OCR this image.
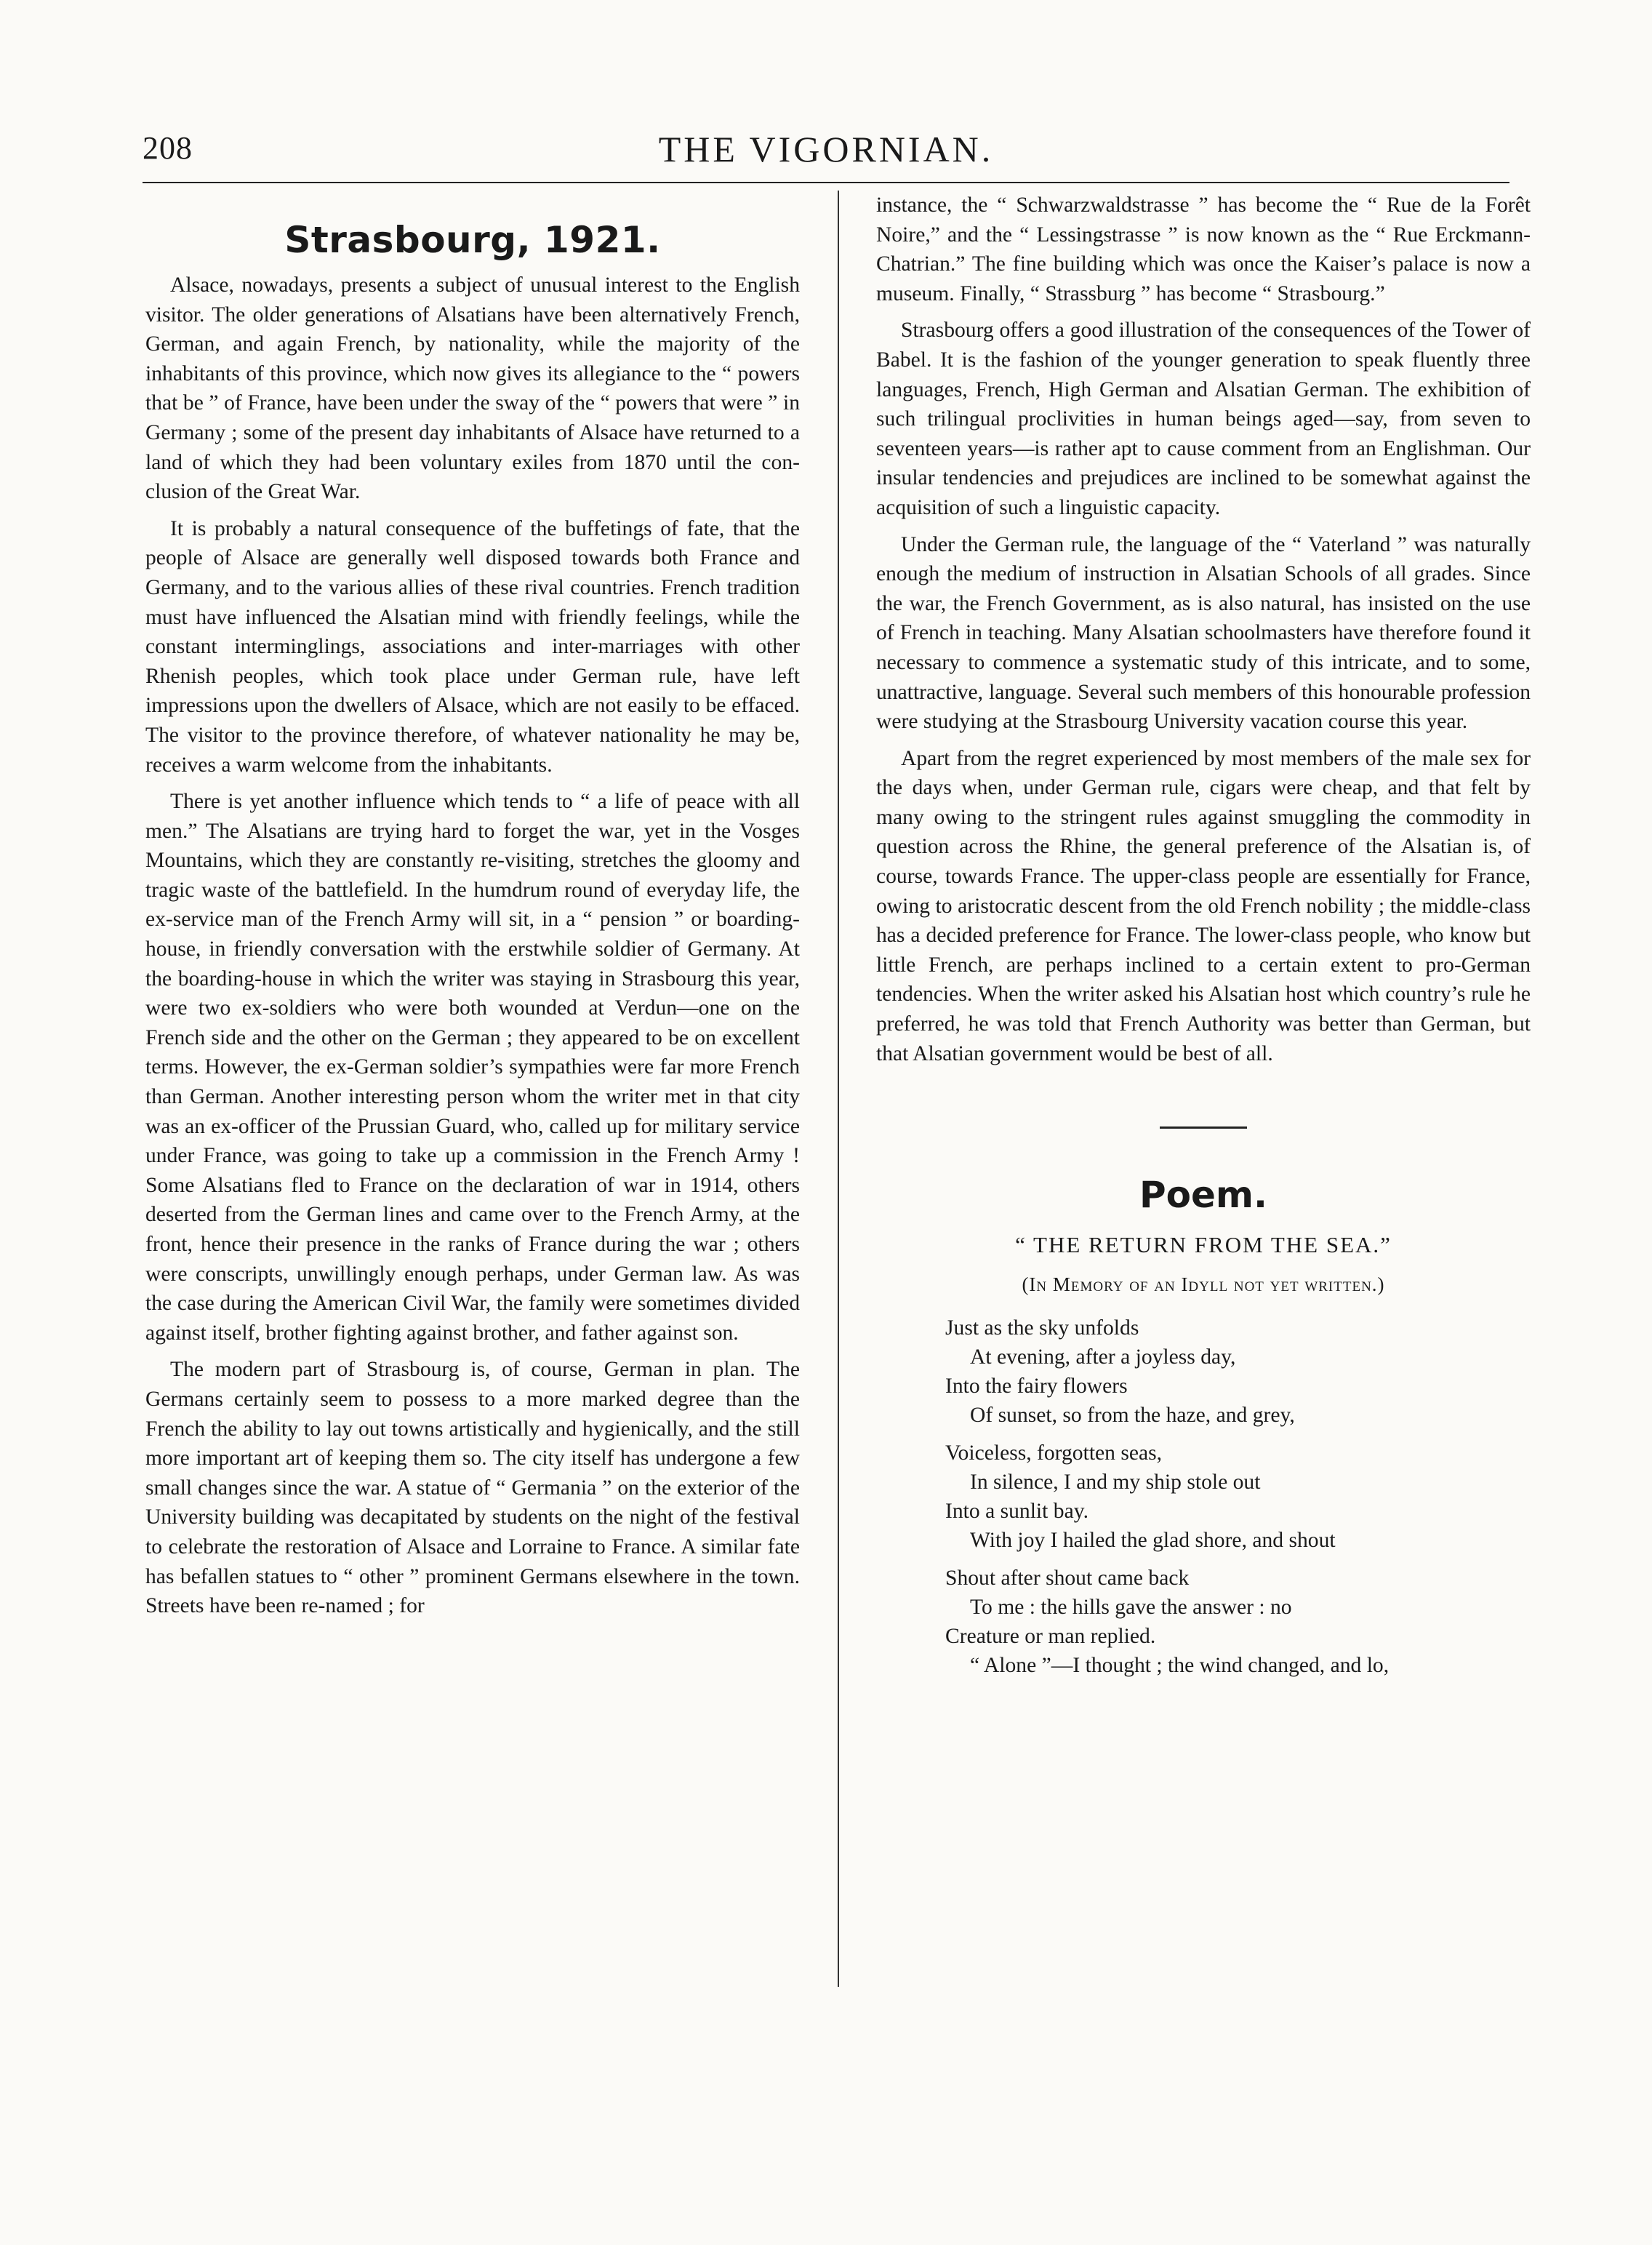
208	THE VIGORNIAN.
Strasbourg, 1921.

Alsace, nowadays, presents a subject of unusual interest to the English visitor. The older generations of Alsatians have been alternatively French, German, and again French, by nationality, while the majority of the inhabitants of this province, which now gives its allegiance to the “ powers that be ” of France, have been under the sway of the “ powers that were ” in Germany ; some of the present day inhabitants of Alsace have returned to a land of which they had been voluntary exiles from 1870 until the conclusion of the Great War.

It is probably a natural consequence of the buffetings of fate, that the people of Alsace are generally well disposed towards both France and Germany, and to the various allies of these rival countries. French tradition must have influenced the Alsatian mind with friendly feelings, while the constant interminglings, associations and inter-marriages with other Rhenish peoples, which took place under German rule, have left impressions upon the dwellers of Alsace, which are not easily to be effaced. The visitor to the province therefore, of whatever nationality he may be, receives a warm welcome from the inhabitants.

There is yet another influence which tends to “ a life of peace with all men.” The Alsatians are trying hard to forget the war, yet in the Vosges Mountains, which they are constantly re-visiting, stretches the gloomy and tragic waste of the battlefield. In the humdrum round of everyday life, the ex-service man of the French Army will sit, in a “ pension ” or boarding-house, in friendly conversation with the erstwhile soldier of Germany. At the boarding-house in which the writer was staying in Strasbourg this year, were two ex-soldiers who were both wounded at Verdun—one on the French side and the other on the German ; they appeared to be on excellent terms. However, the ex-German soldier’s sympathies were far more French than German. Another interesting person whom the writer met in that city was an ex-officer of the Prussian Guard, who, called up for military service under France, was going to take up a commission in the French Army ! Some Alsatians fled to France on the declaration of war in 1914, others deserted from the German lines and came over to the French Army, at the front, hence their presence in the ranks of France during the war ; others were conscripts, unwillingly enough perhaps, under German law. As was the case during the American Civil War, the family were sometimes divided against itself, brother fighting against brother, and father against son.

The modern part of Strasbourg is, of course, German in plan. The Germans certainly seem to possess to a more marked degree than the French the ability to lay out towns artistically and hygienically, and the still more important art of keeping them so. The city itself has undergone a few small changes since the war. A statue of “ Germania ” on the exterior of the University building was decapitated by students on the night of the festival to celebrate the restoration of Alsace and Lorraine to France. A similar fate has befallen statues to “ other ” prominent Germans elsewhere in the town. Streets have been re-named ; for

instance, the “ Schwarzwaldstrasse ” has become the “ Rue de la Forêt Noire,” and the “ Lessingstrasse ” is now known as the “ Rue Erckmann-Chatrian.” The fine building which was once the Kaiser’s palace is now a museum. Finally, “ Strassburg ” has become “ Strasbourg.”

Strasbourg offers a good illustration of the consequences of the Tower of Babel. It is the fashion of the younger generation to speak fluently three languages, French, High German and Alsatian German. The exhibition of such trilingual proclivities in human beings aged—say, from seven to seventeen years—is rather apt to cause comment from an Englishman. Our insular tendencies and prejudices are inclined to be somewhat against the acquisition of such a linguistic capacity.

Under the German rule, the language of the “ Vaterland ” was naturally enough the medium of instruction in Alsatian Schools of all grades. Since the war, the French Government, as is also natural, has insisted on the use of French in teaching. Many Alsatian schoolmasters have therefore found it necessary to commence a systematic study of this intricate, and to some, unattractive, language. Several such members of this honourable profession were studying at the Strasbourg University vacation course this year.

Apart from the regret experienced by most members of the male sex for the days when, under German rule, cigars were cheap, and that felt by many owing to the stringent rules against smuggling the commodity in question across the Rhine, the general preference of the Alsatian is, of course, towards France. The upper-class people are essentially for France, owing to aristocratic descent from the old French nobility ; the middle-class has a decided preference for France. The lower-class people, who know but little French, are perhaps inclined to a certain extent to pro-German tendencies. When the writer asked his Alsatian host which country’s rule he preferred, he was told that French Authority was better than German, but that Alsatian government would be best of all.

Poem.
“ THE RETURN FROM THE SEA.”
(In Memory of an Idyll not yet written.)
Just as the sky unfolds
At evening, after a joyless day,
Into the fairy flowers
Of sunset, so from the haze, and grey,
Voiceless, forgotten seas,
In silence, I and my ship stole out
Into a sunlit bay.
With joy I hailed the glad shore, and shout
Shout after shout came back
To me : the hills gave the answer : no
Creature or man replied.
“ Alone ”—I thought ; the wind changed, and lo,
